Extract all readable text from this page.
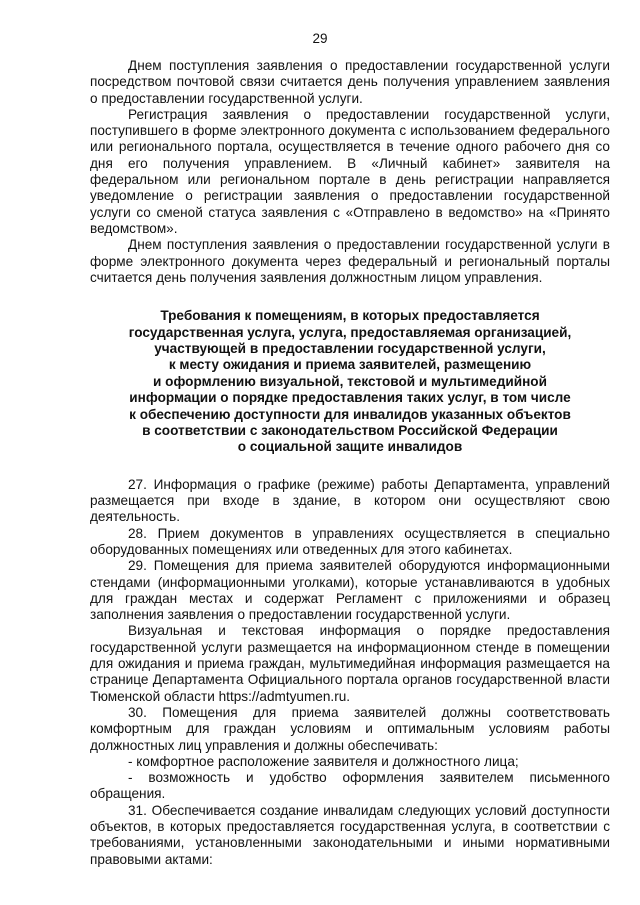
29

Днем поступления заявления о предоставлении государственной услуги посредством почтовой связи считается день получения управлением заявления о предоставлении государственной услуги.

Регистрация заявления о предоставлении государственной услуги, поступившего в форме электронного документа с использованием федерального или регионального портала, осуществляется в течение одного рабочего дня со дня его получения управлением. В «Личный кабинет» заявителя на федеральном или региональном портале в день регистрации направляется уведомление о регистрации заявления о предоставлении государственной услуги со сменой статуса заявления с «Отправлено в ведомство» на «Принято ведомством».

Днем поступления заявления о предоставлении государственной услуги в форме электронного документа через федеральный и региональный порталы считается день получения заявления должностным лицом управления.

Требования к помещениям, в которых предоставляется
государственная услуга, услуга, предоставляемая организацией,
участвующей в предоставлении государственной услуги,
к месту ожидания и приема заявителей, размещению
и оформлению визуальной, текстовой и мультимедийной
информации о порядке предоставления таких услуг, в том числе
к обеспечению доступности для инвалидов указанных объектов
в соответствии с законодательством Российской Федерации
о социальной защите инвалидов

27. Информация о графике (режиме) работы Департамента, управлений размещается при входе в здание, в котором они осуществляют свою деятельность.

28. Прием документов в управлениях осуществляется в специально оборудованных помещениях или отведенных для этого кабинетах.

29. Помещения для приема заявителей оборудуются информационными стендами (информационными уголками), которые устанавливаются в удобных для граждан местах и содержат Регламент с приложениями и образец заполнения заявления о предоставлении государственной услуги.

Визуальная и текстовая информация о порядке предоставления государственной услуги размещается на информационном стенде в помещении для ожидания и приема граждан, мультимедийная информация размещается на странице Департамента Официального портала органов государственной власти Тюменской области https://admtyumen.ru.

30. Помещения для приема заявителей должны соответствовать комфортным для граждан условиям и оптимальным условиям работы должностных лиц управления и должны обеспечивать:

- комфортное расположение заявителя и должностного лица;

- возможность и удобство оформления заявителем письменного обращения.

31. Обеспечивается создание инвалидам следующих условий доступности объектов, в которых предоставляется государственная услуга, в соответствии с требованиями, установленными законодательными и иными нормативными правовыми актами:
